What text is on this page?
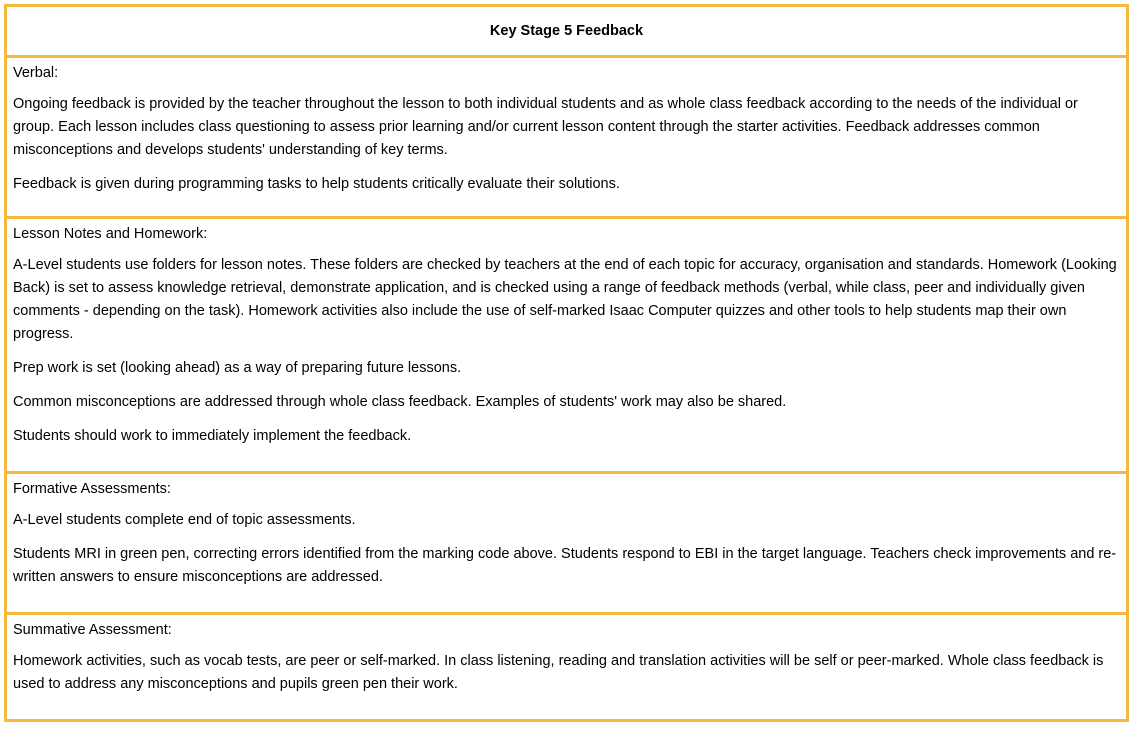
Key Stage 5 Feedback

Verbal:

Ongoing feedback is provided by the teacher throughout the lesson to both individual students and as whole class feedback according to the needs of the individual or group. Each lesson includes class questioning to assess prior learning and/or current lesson content through the starter activities. Feedback addresses common misconceptions and develops students' understanding of key terms.

Feedback is given during programming tasks to help students critically evaluate their solutions.

Lesson Notes and Homework:

A-Level students use folders for lesson notes. These folders are checked by teachers at the end of each topic for accuracy, organisation and standards. Homework (Looking Back) is set to assess knowledge retrieval, demonstrate application, and is checked using a range of feedback methods (verbal, while class, peer and individually given comments - depending on the task). Homework activities also include the use of self-marked Isaac Computer quizzes and other tools to help students map their own progress.

Prep work is set (looking ahead) as a way of preparing future lessons.

Common misconceptions are addressed through whole class feedback. Examples of students' work may also be shared.

Students should work to immediately implement the feedback.

Formative Assessments:

A-Level students complete end of topic assessments.

Students MRI in green pen, correcting errors identified from the marking code above. Students respond to EBI in the target language. Teachers check improvements and re-written answers to ensure misconceptions are addressed.

Summative Assessment:

Homework activities, such as vocab tests, are peer or self-marked. In class listening, reading and translation activities will be self or peer-marked. Whole class feedback is used to address any misconceptions and pupils green pen their work.
